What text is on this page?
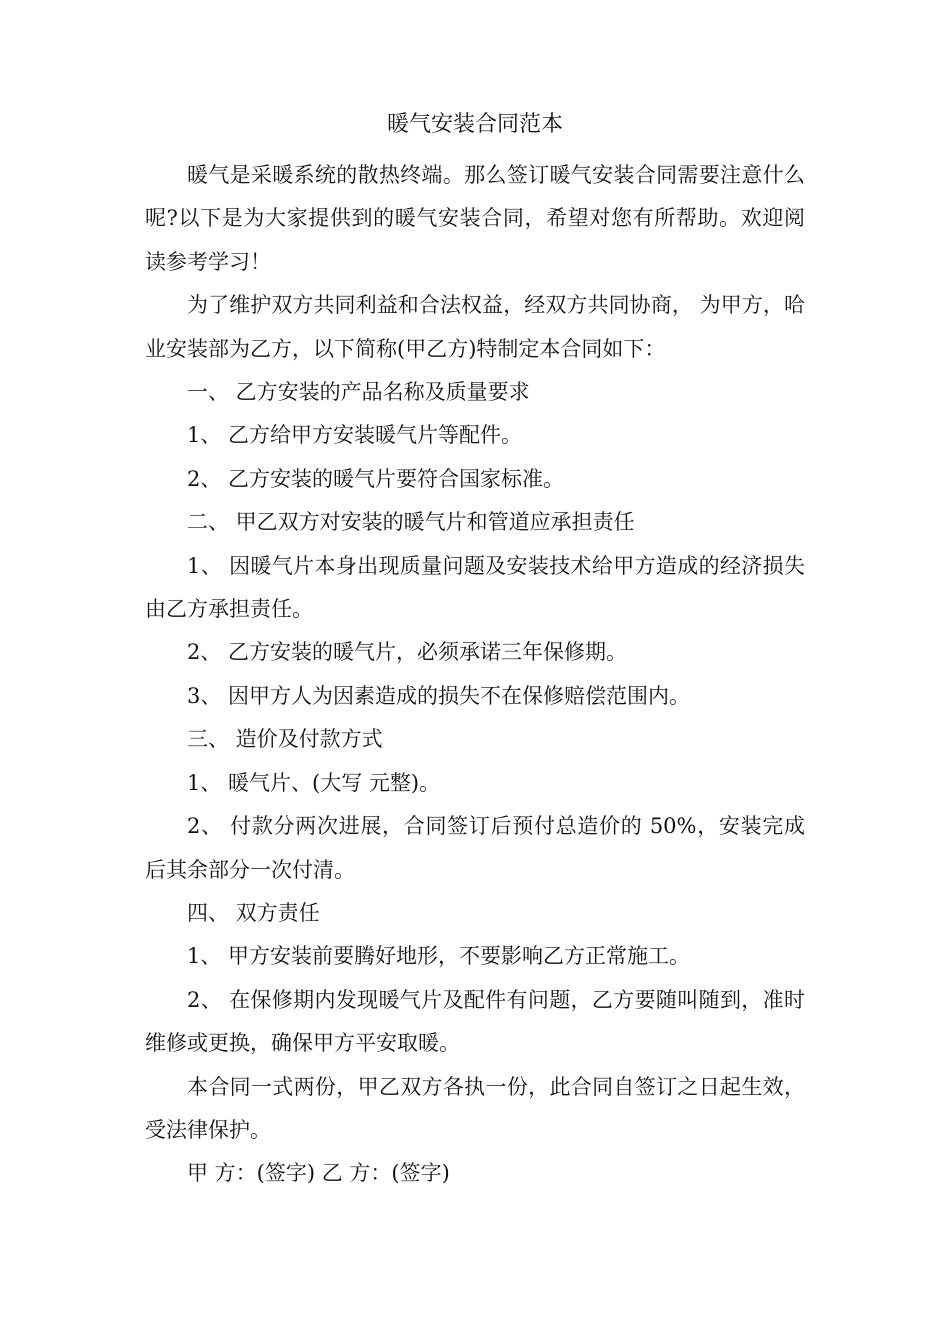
暖气安装合同范本

暖气是采暖系统的散热终端。那么签订暖气安装合同需要注意什么呢?以下是为大家提供到的暖气安装合同，希望对您有所帮助。欢迎阅读参考学习！

为了维护双方共同利益和合法权益，经双方共同协商， 为甲方，哈业安装部为乙方，以下简称(甲乙方)特制定本合同如下：

一、 乙方安装的产品名称及质量要求

1、 乙方给甲方安装暖气片等配件。

2、 乙方安装的暖气片要符合国家标准。

二、 甲乙双方对安装的暖气片和管道应承担责任

1、 因暖气片本身出现质量问题及安装技术给甲方造成的经济损失由乙方承担责任。

2、 乙方安装的暖气片，必须承诺三年保修期。

3、 因甲方人为因素造成的损失不在保修赔偿范围内。

三、 造价及付款方式

1、 暖气片、(大写 元整)。

2、 付款分两次进展，合同签订后预付总造价的 50%，安装完成后其余部分一次付清。

四、 双方责任

1、 甲方安装前要腾好地形，不要影响乙方正常施工。

2、 在保修期内发现暖气片及配件有问题，乙方要随叫随到，准时维修或更换，确保甲方平安取暖。

本合同一式两份，甲乙双方各执一份，此合同自签订之日起生效，受法律保护。

甲 方：(签字) 乙 方：(签字)
